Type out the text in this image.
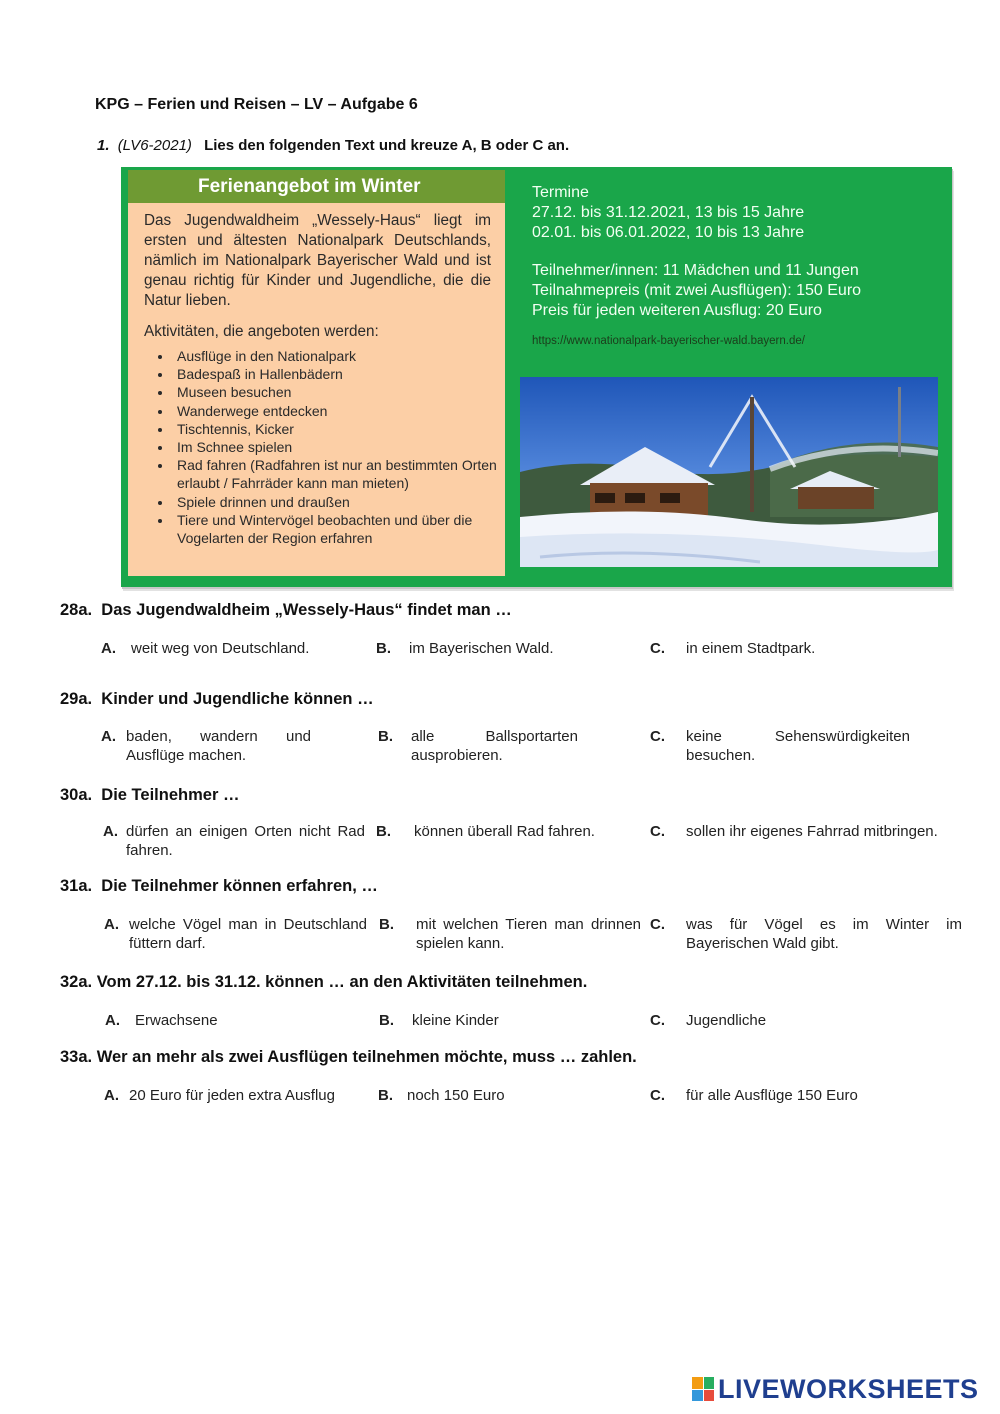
KPG – Ferien und Reisen – LV – Aufgabe 6
1. (LV6-2021) Lies den folgenden Text und kreuze A, B oder C an.
Ferienangebot im Winter
Das Jugendwaldheim „Wessely-Haus“ liegt im ersten und ältesten Nationalpark Deutschlands, nämlich im Nationalpark Bayerischer Wald und ist genau richtig für Kinder und Jugendliche, die die Natur lieben.
Aktivitäten, die angeboten werden:
• Ausflüge in den Nationalpark
• Badespaß in Hallenbädern
• Museen besuchen
• Wanderwege entdecken
• Tischtennis, Kicker
• Im Schnee spielen
• Rad fahren (Radfahren ist nur an bestimmten Orten erlaubt / Fahrräder kann man mieten)
• Spiele drinnen und draußen
• Tiere und Wintervögel beobachten und über die Vogelarten der Region erfahren
Termine
27.12. bis 31.12.2021, 13 bis 15 Jahre
02.01. bis 06.01.2022, 10 bis 13 Jahre
Teilnehmer/innen: 11 Mädchen und 11 Jungen
Teilnahmepreis (mit zwei Ausflügen): 150 Euro
Preis für jeden weiteren Ausflug: 20 Euro
https://www.nationalpark-bayerischer-wald.bayern.de/
28a. Das Jugendwaldheim „Wessely-Haus“ findet man …
A.	weit weg von Deutschland.	B.	im Bayerischen Wald.	C.	in einem Stadtpark.
29a. Kinder und Jugendliche können …
A. baden, wandern und Ausflüge machen.
B.	alle Ballsportarten ausprobieren.
C.	keine Sehenswürdigkeiten besuchen.
30a. Die Teilnehmer …
A. dürfen an einigen Orten nicht Rad fahren.
B.	können überall Rad fahren.	C.	sollen ihr eigenes Fahrrad mitbringen.
31a. Die Teilnehmer können erfahren, …
A. welche Vögel man in Deutschland füttern darf.
B.	mit welchen Tieren man drinnen spielen kann.
C.	was für Vögel es im Winter im Bayerischen Wald gibt.
32a. Vom 27.12. bis 31.12. können … an den Aktivitäten teilnehmen.
A.	Erwachsene	B.	kleine Kinder	C.	Jugendliche
33a. Wer an mehr als zwei Ausflügen teilnehmen möchte, muss … zahlen.
A. 20 Euro für jeden extra Ausflug	B. noch 150 Euro	C.	für alle Ausflüge 150 Euro
LIVEWORKSHEETS
